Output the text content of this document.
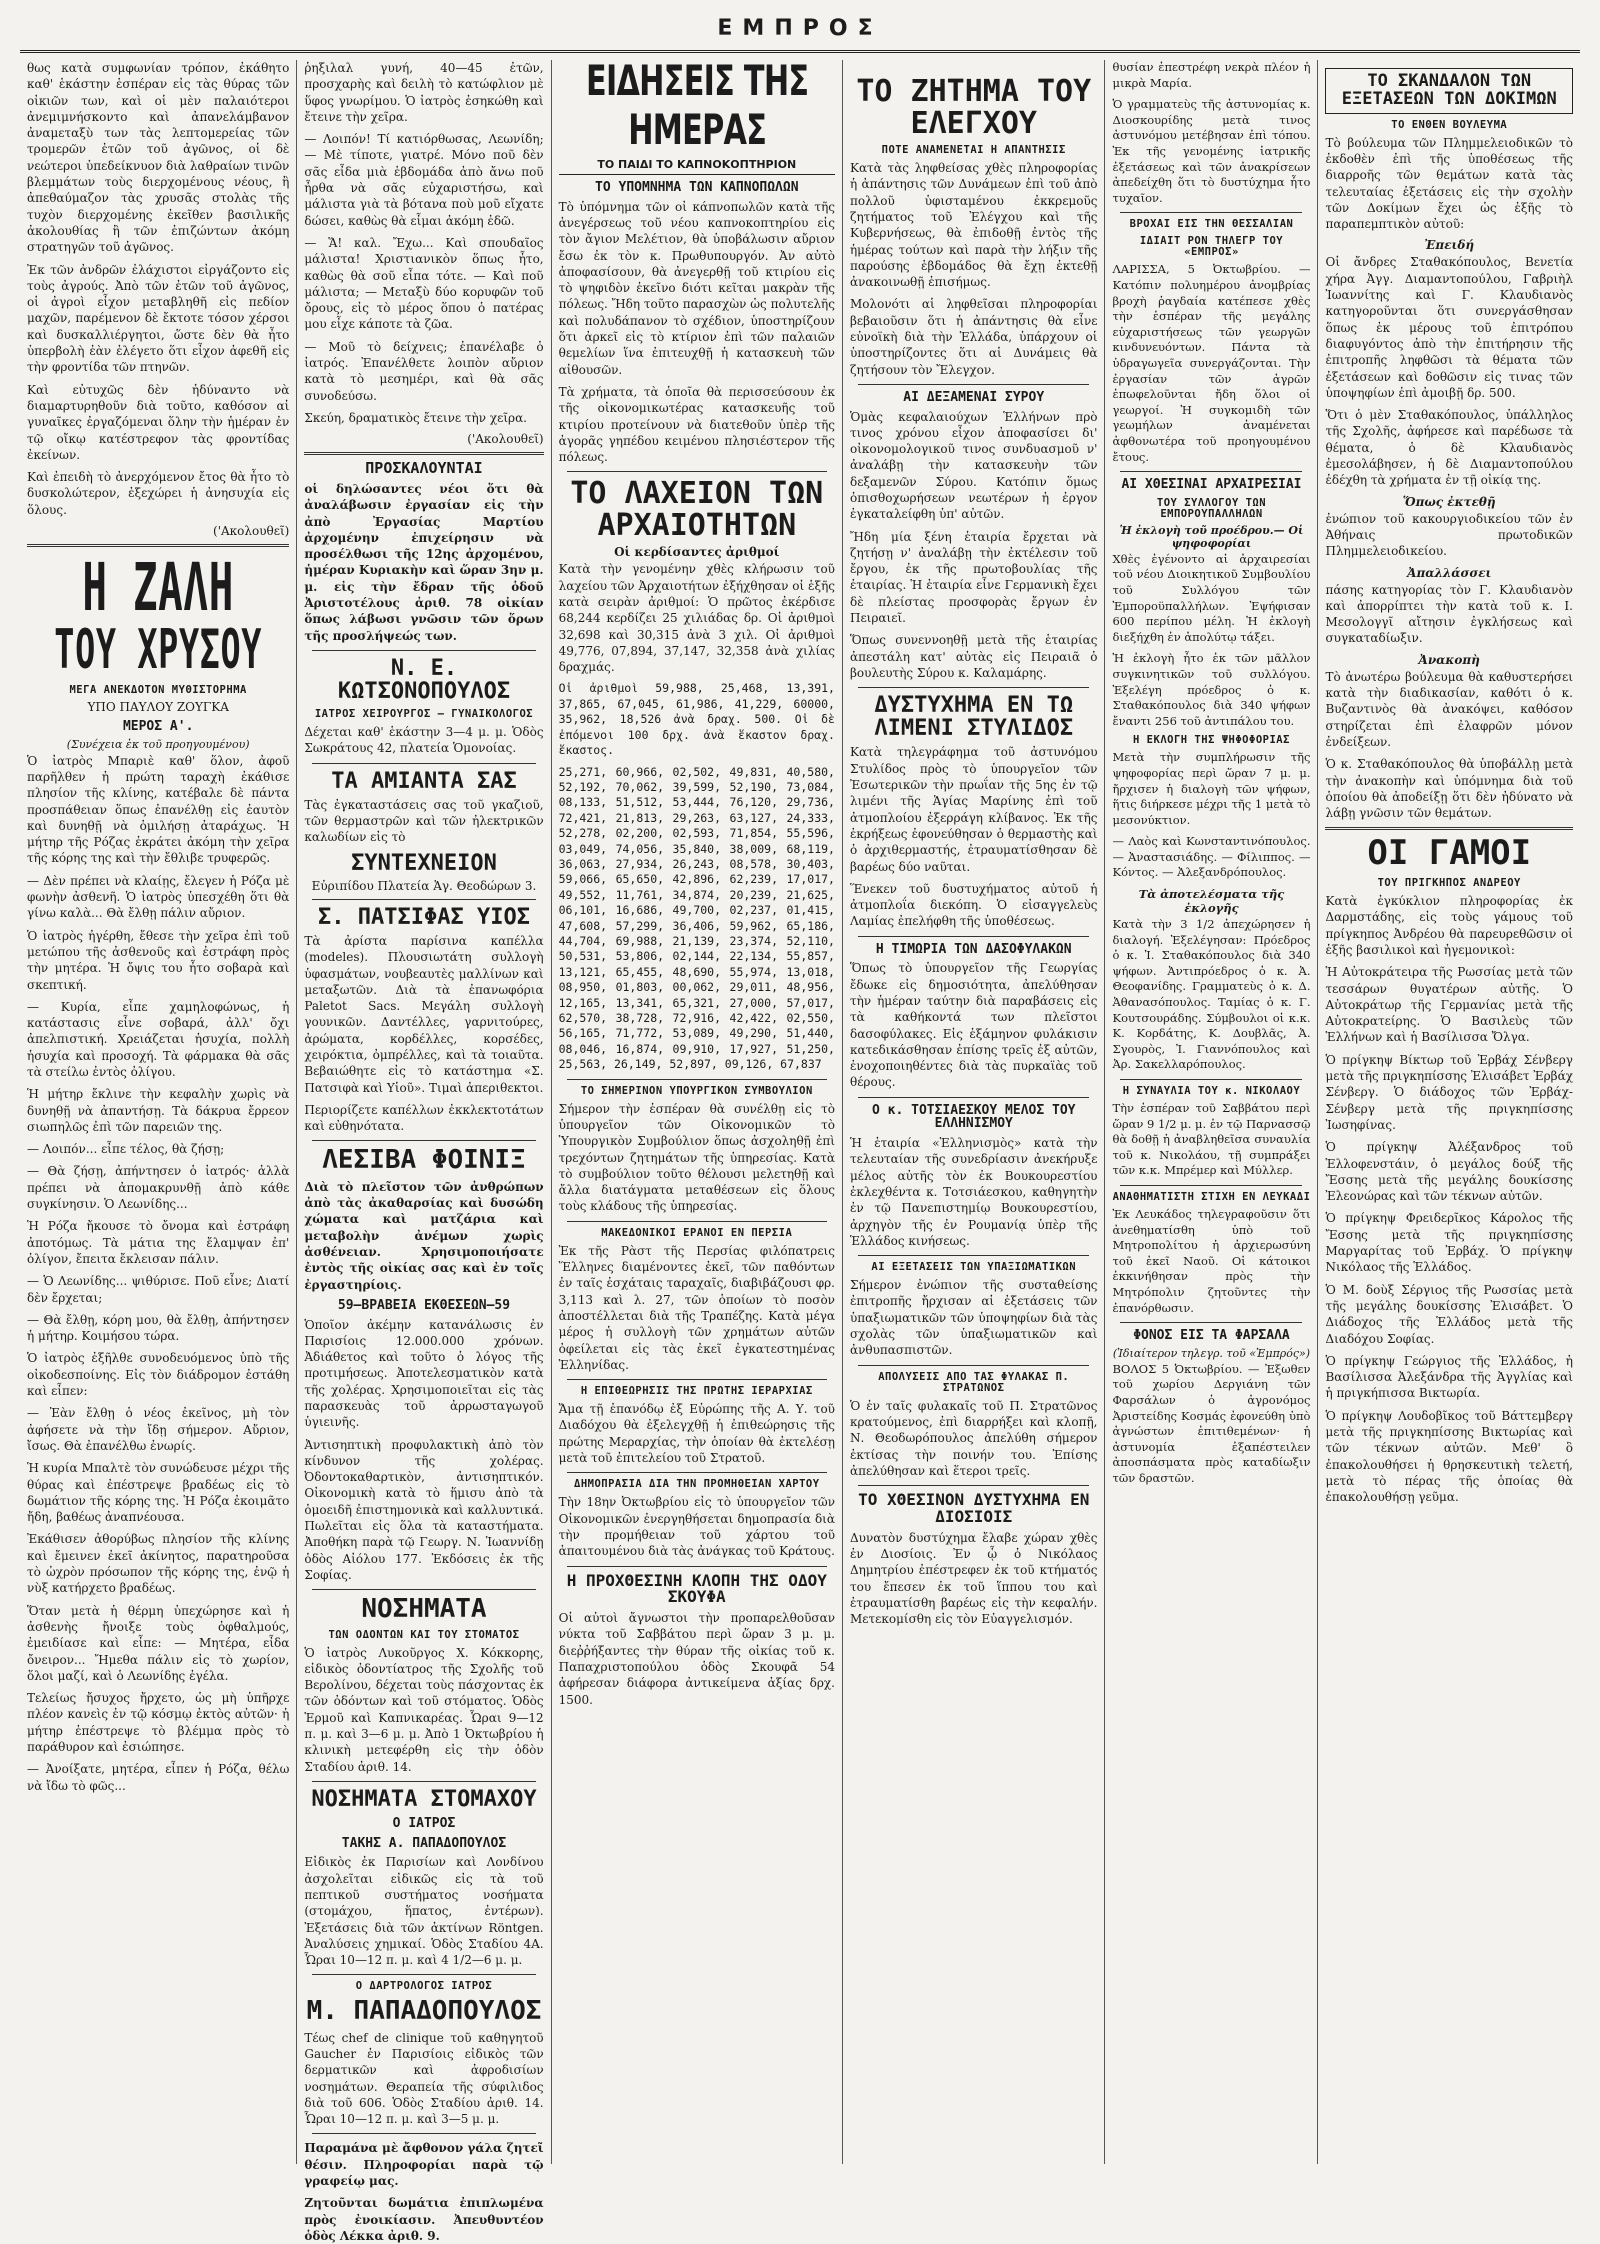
ΕΜΠΡΟΣ

θως κατὰ συμφωνίαν τρόπον, ἐκάθητο καθ' ἑκάστην ἑσπέραν εἰς τὰς θύρας τῶν οἰκιῶν των, καὶ οἱ μὲν παλαιότεροι ἀνεμιμνήσκοντο καὶ ἀπανελάμβανον ἀναμεταξὺ των τὰς λεπτομερείας τῶν τρομερῶν ἐτῶν τοῦ ἀγῶνος, οἱ δὲ νεώτεροι ὑπεδείκνυον διὰ λαθραίων τινῶν βλεμμάτων τοὺς διερχομένους νέους, ἢ ἀπεθαύμαζον τὰς χρυσᾶς στολὰς τῆς τυχὸν διερχομένης ἐκεῖθεν βασιλικῆς ἀκολουθίας ἢ τῶν ἐπιζώντων ἀκόμη στρατηγῶν τοῦ ἀγῶνος.

Ἐκ τῶν ἀνδρῶν ἐλάχιστοι εἰργάζοντο εἰς τοὺς ἀγρούς. Ἀπὸ τῶν ἐτῶν τοῦ ἀγῶνος, οἱ ἀγροὶ εἶχον μεταβληθῆ εἰς πεδίον μαχῶν, παρέμενον δὲ ἔκτοτε τόσον χέρσοι καὶ δυσκαλλιέργητοι, ὥστε δὲν θὰ ἦτο ὑπερβολὴ ἐὰν ἐλέγετο ὅτι εἶχον ἀφεθῆ εἰς τὴν φροντίδα τῶν πτηνῶν.

Καὶ εὐτυχῶς δὲν ἠδύναντο νὰ διαμαρτυρηθοῦν διὰ τοῦτο, καθόσον αἱ γυναῖκες ἐργαζόμεναι ὅλην τὴν ἡμέραν ἐν τῷ οἴκῳ κατέστρεφον τὰς φροντίδας ἐκείνων.

Καὶ ἐπειδὴ τὸ ἀνερχόμενον ἔτος θὰ ἦτο τὸ δυσκολώτερον, ἐξεχώρει ἡ ἀνησυχία εἰς ὅλους.

('Ακολουθεῖ)
Η ΖΑΛΗ
ΤΟΥ ΧΡΥΣΟΥ
ΜΕΓΑ ΑΝΕΚΔΟΤΟΝ ΜΥΘΙΣΤΟΡΗΜΑ
ΥΠΟ ΠΑΥΛΟΥ ΖΟΥΓΚΑ
ΜΕΡΟΣ Α'.
(Συνέχεια ἐκ τοῦ προηγουμένου)

Ὁ ἰατρὸς Μπαριὲ καθ' ὅλον, ἀφοῦ παρῆλθεν ἡ πρώτη ταραχὴ ἐκάθισε πλησίον τῆς κλίνης, κατέβαλε δὲ πάντα προσπάθειαν ὅπως ἐπανέλθῃ εἰς ἑαυτὸν καὶ δυνηθῇ νὰ ὁμιλήσῃ ἀταράχως. Ἡ μήτηρ τῆς Ρόζας ἐκράτει ἀκόμη τὴν χεῖρα τῆς κόρης της καὶ τὴν ἔθλιβε τρυφερῶς.

— Δὲν πρέπει νὰ κλαίῃς, ἔλεγεν ἡ Ρόζα μὲ φωνὴν ἀσθενῆ. Ὁ ἰατρὸς ὑπεσχέθη ὅτι θὰ γίνω καλὰ... Θὰ ἔλθῃ πάλιν αὔριον.

Ὁ ἰατρὸς ἠγέρθη, ἔθεσε τὴν χεῖρα ἐπὶ τοῦ μετώπου τῆς ἀσθενοῦς καὶ ἐστράφη πρὸς τὴν μητέρα. Ἡ ὄψις του ἦτο σοβαρὰ καὶ σκεπτική.

— Κυρία, εἶπε χαμηλοφώνως, ἡ κατάστασις εἶνε σοβαρά, ἀλλ' ὄχι ἀπελπιστική. Χρειάζεται ἡσυχία, πολλὴ ἡσυχία καὶ προσοχή. Τὰ φάρμακα θὰ σᾶς τὰ στείλω ἐντὸς ὀλίγου.

Ἡ μήτηρ ἔκλινε τὴν κεφαλὴν χωρὶς νὰ δυνηθῇ νὰ ἀπαντήσῃ. Τὰ δάκρυα ἔρρεον σιωπηλῶς ἐπὶ τῶν παρειῶν της.

— Λοιπόν... εἶπε τέλος, θὰ ζήσῃ;

— Θὰ ζήσῃ, ἀπήντησεν ὁ ἰατρός· ἀλλὰ πρέπει νὰ ἀπομακρυνθῇ ἀπὸ κάθε συγκίνησιν. Ὁ Λεωνίδης...

Ἡ Ρόζα ἤκουσε τὸ ὄνομα καὶ ἐστράφη ἀποτόμως. Τὰ μάτια της ἔλαμψαν ἐπ' ὀλίγον, ἔπειτα ἔκλεισαν πάλιν.

— Ὁ Λεωνίδης... ψιθύρισε. Ποῦ εἶνε; Διατί δὲν ἔρχεται;

— Θὰ ἔλθῃ, κόρη μου, θὰ ἔλθῃ, ἀπήντησεν ἡ μήτηρ. Κοιμήσου τώρα.

Ὁ ἰατρὸς ἐξῆλθε συνοδευόμενος ὑπὸ τῆς οἰκοδεσποίνης. Εἰς τὸν διάδρομον ἐστάθη καὶ εἶπεν:

— Ἐὰν ἔλθῃ ὁ νέος ἐκεῖνος, μὴ τὸν ἀφήσετε νὰ τὴν ἴδῃ σήμερον. Αὔριον, ἴσως. Θὰ ἐπανέλθω ἐνωρίς.

Ἡ κυρία Μπαλτὲ τὸν συνώδευσε μέχρι τῆς θύρας καὶ ἐπέστρεψε βραδέως εἰς τὸ δωμάτιον τῆς κόρης της. Ἡ Ρόζα ἐκοιμᾶτο ἤδη, βαθέως ἀναπνέουσα.

Ἐκάθισεν ἀθορύβως πλησίον τῆς κλίνης καὶ ἔμεινεν ἐκεῖ ἀκίνητος, παρατηροῦσα τὸ ὠχρὸν πρόσωπον τῆς κόρης της, ἐνῷ ἡ νὺξ κατήρχετο βραδέως.

Ὅταν μετὰ ἡ θέρμη ὑπεχώρησε καὶ ἡ ἀσθενὴς ἤνοιξε τοὺς ὀφθαλμούς, ἐμειδίασε καὶ εἶπε: — Μητέρα, εἶδα ὄνειρον... Ἤμεθα πάλιν εἰς τὸ χωρίον, ὅλοι μαζί, καὶ ὁ Λεωνίδης ἐγέλα.

Τελείως ἤσυχος ἤρχετο, ὡς μὴ ὑπῆρχε πλέον κανεὶς ἐν τῷ κόσμῳ ἐκτὸς αὐτῶν· ἡ μήτηρ ἐπέστρεψε τὸ βλέμμα πρὸς τὸ παράθυρον καὶ ἐσιώπησε.

— Ἀνοίξατε, μητέρα, εἶπεν ἡ Ρόζα, θέλω νὰ ἴδω τὸ φῶς...

ῥηξιλαλ γυνή, 40—45 ἐτῶν, προσχαρὴς καὶ δειλὴ τὸ κατώφλιον μὲ ὕφος γνωρίμου. Ὁ ἰατρὸς ἐσηκώθη καὶ ἔτεινε τὴν χεῖρα.

— Λοιπόν! Τί κατιόρθωσας, Λεωνίδη; — Μὲ τίποτε, γιατρέ. Μόνο ποῦ δὲν σᾶς εἶδα μιὰ ἑβδομάδα ἀπὸ ἄνω ποῦ ἦρθα νὰ σᾶς εὐχαριστήσω, καὶ μάλιστα γιὰ τὰ βότανα ποὺ μοῦ εἴχατε δώσει, καθὼς θὰ εἶμαι ἀκόμη ἐδῶ.

— Ἅ! καλ. Ἔχω... Καὶ σπουδαῖος μάλιστα! Χριστιανικὸν ὅπως ἦτο, καθὼς θὰ σοῦ εἶπα τότε. — Καὶ ποῦ μάλιστα; — Μεταξὺ δύο κορυφῶν τοῦ ὄρους, εἰς τὸ μέρος ὅπου ὁ πατέρας μου εἶχε κάποτε τὰ ζῶα.

— Μοῦ τὸ δείχνεις; ἐπανέλαβε ὁ ἰατρός. Ἐπανέλθετε λοιπὸν αὔριον κατὰ τὸ μεσημέρι, καὶ θὰ σᾶς συνοδεύσω.

Σκεύη, δραματικὸς ἔτεινε τὴν χεῖρα.

('Ακολουθεῖ)
ΠΡΟΣΚΑΛΟΥΝΤΑΙ

οἱ δηλώσαντες νέοι ὅτι θὰ ἀναλάβωσιν ἐργασίαν εἰς τὴν ἀπὸ Ἐργασίας Μαρτίου ἀρχομένην ἐπιχείρησιν νὰ προσέλθωσι τῆς 12ης ἀρχομένου, ἡμέραν Κυριακὴν καὶ ὥραν 3ην μ. μ. εἰς τὴν ἔδραν τῆς ὁδοῦ Ἀριστοτέλους ἀριθ. 78 οἰκίαν ὅπως λάβωσι γνῶσιν τῶν ὅρων τῆς προσλήψεώς των.

Ν. Ε. ΚΩΤΣΟΝΟΠΟΥΛΟΣ
ΙΑΤΡΟΣ ΧΕΙΡΟΥΡΓΟΣ — ΓΥΝΑΙΚΟΛΟΓΟΣ

Δέχεται καθ' ἑκάστην 3—4 μ. μ. Ὁδὸς Σωκράτους 42, πλατεία Ὁμονοίας.

ΤΑ ΑΜΙΑΝΤΑ ΣΑΣ

Τὰς ἐγκαταστάσεις σας τοῦ γκαζιοῦ, τῶν θερμαστρῶν καὶ τῶν ἠλεκτρικῶν καλωδίων εἰς τὸ

ΣΥΝΤΕΧΝΕΙΟΝ
Εὐριπίδου Πλατεία Ἁγ. Θεοδώρων 3.
Σ. ΠΑΤΣΙΦΑΣ ΥΙΟΣ

Τὰ ἀρίστα παρίσινα καπέλλα (modeles). Πλουσιωτάτη συλλογὴ ὑφασμάτων, νουβεαυτὲς μαλλίνων καὶ μεταξωτῶν. Διὰ τὰ ἐπανωφόρια Paletot Sacs. Μεγάλη συλλογὴ γουνικῶν. Δαντέλλες, γαρνιτούρες, ἀρώματα, κορδέλλες, κορσέδες, χειρόκτια, ὀμπρέλλες, καὶ τὰ τοιαῦτα. Βεβαιώθητε εἰς τὸ κατάστημα «Σ. Πατσιφὰ καὶ Υἱοῦ». Τιμαὶ ἀπεριθεκτοι.

Περιορίζετε καπέλλων ἐκκλεκτοτάτων καὶ εὐθηνότατα.

ΛΕΣΙΒΑ ΦΟΙΝΙΞ

Διὰ τὸ πλεῖστον τῶν ἀνθρώπων ἀπὸ τὰς ἀκαθαρσίας καὶ δυσώδη χώματα καὶ ματζάρια καὶ μεταβολὴν ἀνέμων χωρὶς ἀσθένειαν. Χρησιμοποιήσατε ἐντὸς τῆς οἰκίας σας καὶ ἐν τοῖς ἐργαστηρίοις.

59—ΒΡΑΒΕΙΑ ΕΚΘΕΣΕΩΝ—59

Ὁποῖον ἀκέμην κατανάλωσις ἐν Παρισίοις 12.000.000 χρόνων. Ἀδιάθετος καὶ τοῦτο ὁ λόγος τῆς προτιμήσεως. Ἀποτελεσματικὸν κατὰ τῆς χολέρας. Χρησιμοποιεῖται εἰς τὰς παρασκευὰς τοῦ ἀρρωσταγωγοῦ ὑγιεινῆς.

Ἀντισηπτικὴ προφυλακτικὴ ἀπὸ τὸν κίνδυνον τῆς χολέρας. Ὀδοντοκαθαρτικὸν, ἀντισηπτικόν. Οἰκονομικὴ κατὰ τὸ ἥμισυ ἀπὸ τὰ ὁμοειδῆ ἐπιστημονικὰ καὶ καλλυντικά. Πωλεῖται εἰς ὅλα τὰ καταστήματα. Ἀποθήκη παρὰ τῷ Γεωργ. Ν. Ἰωαννίδῃ ὁδὸς Αἰόλου 177. Ἐκδόσεις ἐκ τῆς Σοφίας.

ΝΟΣΗΜΑΤΑ
ΤΩΝ ΟΔΟΝΤΩΝ ΚΑΙ ΤΟΥ ΣΤΟΜΑΤΟΣ

Ὁ ἰατρὸς Λυκοῦργος Χ. Κόκκορης, εἰδικὸς ὀδοντίατρος τῆς Σχολῆς τοῦ Βερολίνου, δέχεται τοὺς πάσχοντας ἐκ τῶν ὀδόντων καὶ τοῦ στόματος. Ὁδὸς Ἑρμοῦ καὶ Καπνικαρέας. Ὧραι 9—12 π. μ. καὶ 3—6 μ. μ. Ἀπὸ 1 Ὀκτωβρίου ἡ κλινικὴ μετεφέρθη εἰς τὴν ὁδὸν Σταδίου ἀριθ. 14.

ΝΟΣΗΜΑΤΑ ΣΤΟΜΑΧΟΥ
Ο ΙΑΤΡΟΣ
ΤΑΚΗΣ Α. ΠΑΠΑΔΟΠΟΥΛΟΣ

Εἰδικὸς ἐκ Παρισίων καὶ Λονδίνου ἀσχολεῖται εἰδικῶς εἰς τὰ τοῦ πεπτικοῦ συστήματος νοσήματα (στομάχου, ἥπατος, ἐντέρων). Ἐξετάσεις διὰ τῶν ἀκτίνων Röntgen. Ἀναλύσεις χημικαί. Ὁδὸς Σταδίου 4Α. Ὧραι 10—12 π. μ. καὶ 4 1/2—6 μ. μ.

Ο ΔΑΡΤΡΟΛΟΓΟΣ ΙΑΤΡΟΣ
Μ. ΠΑΠΑΔΟΠΟΥΛΟΣ

Τέως chef de clinique τοῦ καθηγητοῦ Gaucher ἐν Παρισίοις εἰδικὸς τῶν δερματικῶν καὶ ἀφροδισίων νοσημάτων. Θεραπεία τῆς σύφιλιδος διὰ τοῦ 606. Ὁδὸς Σταδίου ἀριθ. 14. Ὧραι 10—12 π. μ. καὶ 3—5 μ. μ.

Παραμάνα μὲ ἄφθονον γάλα ζητεῖ θέσιν. Πληροφορίαι παρὰ τῷ γραφείῳ μας.

Ζητοῦνται δωμάτια ἐπιπλωμένα πρὸς ἐνοικίασιν. Ἀπευθυντέον ὁδὸς Λέκκα ἀριθ. 9.

ΕΙΔΗΣΕΙΣ ΤΗΣ ΗΜΕΡΑΣ
ΤΟ ΠΑΙΔΙ ΤΟ ΚΑΠΝΟΚΟΠΤΗΡΙΟΝ
ΤΟ ΥΠΟΜΝΗΜΑ ΤΩΝ ΚΑΠΝΟΠΩΛΩΝ

Τὸ ὑπόμνημα τῶν οἰ κάπνοπωλῶν κατὰ τῆς ἀνεγέρσεως τοῦ νέου καπνοκοπτηρίου εἰς τὸν ἄγιον Μελέτιον, θὰ ὑποβάλωσιν αὔριον ἔσω ἐκ τὸν κ. Πρωθυπουργόν. Ἀν αὐτὸ ἀποφασίσουν, θὰ ἀνεγερθῇ τοῦ κτιρίου εἰς τὸ ψηφιδὸν ἐκεῖνο διότι κεῖται μακρὰν τῆς πόλεως. Ἤδη τοῦτο παρασχὼν ὡς πολυτελῆς καὶ πολυδάπανον τὸ σχέδιον, ὑποστηρίζουν ὅτι ἀρκεῖ εἰς τὸ κτίριον ἐπὶ τῶν παλαιῶν θεμελίων ἵνα ἐπιτευχθῇ ἡ κατασκευὴ τῶν αἰθουσῶν.

Τὰ χρήματα, τὰ ὁποῖα θὰ περισσεύσουν ἐκ τῆς οἰκονομικωτέρας κατασκευῆς τοῦ κτιρίου προτείνουν νὰ διατεθοῦν ὑπὲρ τῆς ἀγορᾶς γηπέδου κειμένου πλησιέστερον τῆς πόλεως.

ΤΟ ΛΑΧΕΙΟΝ ΤΩΝ ΑΡΧΑΙΟΤΗΤΩΝ
Οἱ κερδίσαντες ἀριθμοί

Κατὰ τὴν γενομένην χθὲς κλήρωσιν τοῦ λαχείου τῶν Ἀρχαιοτήτων ἐξήχθησαν οἱ ἑξῆς κατὰ σειρὰν ἀριθμοί: Ὁ πρῶτος ἐκέρδισε 68,244 κερδίζει 25 χιλιάδας δρ. Οἱ ἀριθμοὶ 32,698 καὶ 30,315 ἀνὰ 3 χιλ. Οἱ ἀριθμοὶ 49,776, 07,894, 37,147, 32,358 ἀνὰ χιλίας δραχμάς.

Οἱ ἀριθμοὶ 59,988, 25,468, 13,391, 37,865, 67,045, 61,986, 41,229, 60000, 35,962, 18,526 ἀνὰ δραχ. 500. Οἱ δὲ ἐπόμενοι 100 δρχ. ἀνὰ ἕκαστον δραχ. ἕκαστος.

25,271, 60,966, 02,502, 49,831, 40,580, 52,192, 70,062, 39,599, 52,190, 73,084, 08,133, 51,512, 53,444, 76,120, 29,736, 72,421, 21,813, 29,263, 63,127, 24,333, 52,278, 02,200, 02,593, 71,854, 55,596, 03,049, 74,056, 35,840, 38,009, 68,119, 36,063, 27,934, 26,243, 08,578, 30,403, 59,066, 65,650, 42,896, 62,239, 17,017, 49,552, 11,761, 34,874, 20,239, 21,625, 06,101, 16,686, 49,700, 02,237, 01,415, 47,608, 57,299, 36,406, 59,962, 65,186, 44,704, 69,988, 21,139, 23,374, 52,110, 50,531, 53,806, 02,144, 22,134, 55,857, 13,121, 65,455, 48,690, 55,974, 13,018, 08,950, 01,803, 00,062, 29,011, 48,956, 12,165, 13,341, 65,321, 27,000, 57,017, 62,570, 38,728, 72,916, 42,422, 02,550, 56,165, 71,772, 53,089, 49,290, 51,440, 08,046, 16,874, 09,910, 17,927, 51,250, 25,563, 26,149, 52,897, 09,126, 67,837

ΤΟ ΣΗΜΕΡΙΝΟΝ ΥΠΟΥΡΓΙΚΟΝ ΣΥΜΒΟΥΛΙΟΝ

Σήμερον τὴν ἑσπέραν θὰ συνέλθῃ εἰς τὸ ὑπουργεῖον τῶν Οἰκονομικῶν τὸ Ὑπουργικὸν Συμβούλιον ὅπως ἀσχοληθῇ ἐπὶ τρεχόντων ζητημάτων τῆς ὑπηρεσίας. Κατὰ τὸ συμβούλιον τοῦτο θέλουσι μελετηθῇ καὶ ἄλλα διατάγματα μεταθέσεων εἰς ὅλους τοὺς κλάδους τῆς ὑπηρεσίας.

ΜΑΚΕΔΟΝΙΚΟΙ ΕΡΑΝΟΙ ΕΝ ΠΕΡΣΙΑ

Ἐκ τῆς Ρὰστ τῆς Περσίας φιλόπατρεις Ἕλληνες διαμένοντες ἐκεῖ, τῶν παθόντων ἐν ταῖς ἐσχάταις ταραχαῖς, διαβιβάζουσι φρ. 3,113 καὶ λ. 27, τῶν ὁποίων τὸ ποσὸν ἀποστέλλεται διὰ τῆς Τραπέζης. Κατὰ μέγα μέρος ἡ συλλογὴ τῶν χρημάτων αὐτῶν ὀφείλεται εἰς τὰς ἐκεῖ ἐγκατεστημένας Ἑλληνίδας.

Η ΕΠΙΘΕΩΡΗΣΙΣ ΤΗΣ ΠΡΩΤΗΣ ΙΕΡΑΡΧΙΑΣ

Ἄμα τῇ ἐπανόδῳ ἐξ Εὐρώπης τῆς Α. Υ. τοῦ Διαδόχου θὰ ἐξελεγχθῇ ἡ ἐπιθεώρησις τῆς πρώτης Μεραρχίας, τὴν ὁποίαν θὰ ἐκτελέσῃ μετὰ τοῦ ἐπιτελείου τοῦ Στρατοῦ.

ΔΗΜΟΠΡΑΣΙΑ ΔΙΑ ΤΗΝ ΠΡΟΜΗΘΕΙΑΝ ΧΑΡΤΟΥ

Τὴν 18ην Ὀκτωβρίου εἰς τὸ ὑπουργεῖον τῶν Οἰκονομικῶν ἐνεργηθήσεται δημοπρασία διὰ τὴν προμήθειαν τοῦ χάρτου τοῦ ἀπαιτουμένου διὰ τὰς ἀνάγκας τοῦ Κράτους.

Η ΠΡΟΧΘΕΣΙΝΗ ΚΛΟΠΗ ΤΗΣ ΟΔΟΥ ΣΚΟΥΦΑ

Οἱ αὐτοὶ ἄγνωστοι τὴν προπαρελθοῦσαν νύκτα τοῦ Σαββάτου περὶ ὥραν 3 μ. μ. διεῤῥήξαντες τὴν θύραν τῆς οἰκίας τοῦ κ. Παπαχριστοπούλου ὁδὸς Σκουφᾶ 54 ἀφήρεσαν διάφορα ἀντικείμενα ἀξίας δρχ. 1500.

ΤΟ ΖΗΤΗΜΑ ΤΟΥ ΕΛΕΓΧΟΥ
ΠΟΤΕ ΑΝΑΜΕΝΕΤΑΙ Η ΑΠΑΝΤΗΣΙΣ

Κατὰ τὰς ληφθείσας χθὲς πληροφορίας ἡ ἀπάντησις τῶν Δυνάμεων ἐπὶ τοῦ ἀπὸ πολλοῦ ὑφισταμένου ἐκκρεμοῦς ζητήματος τοῦ Ἐλέγχου καὶ τῆς Κυβερνήσεως, θὰ ἐπιδοθῇ ἐντὸς τῆς ἡμέρας τούτων καὶ παρὰ τὴν λήξιν τῆς παρούσης ἑβδομάδος θὰ ἔχῃ ἐκτεθῇ ἀνακοινωθῇ ἐπισήμως.

Μολονότι αἱ ληφθεῖσαι πληροφορίαι βεβαιοῦσιν ὅτι ἡ ἀπάντησις θὰ εἶνε εὐνοϊκὴ διὰ τὴν Ἑλλάδα, ὑπάρχουν οἱ ὑποστηρίζοντες ὅτι αἱ Δυνάμεις θὰ ζητήσουν τὸν Ἔλεγχον.

ΑΙ ΔΕΞΑΜΕΝΑΙ ΣΥΡΟΥ

Ὁμὰς κεφαλαιούχων Ἑλλήνων πρὸ τινος χρόνου εἶχον ἀποφασίσει δι' οἰκονομολογικοῦ τινος συνδυασμοῦ ν' ἀναλάβῃ τὴν κατασκευὴν τῶν δεξαμενῶν Σύρου. Κατόπιν ὅμως ὁπισθοχωρήσεων νεωτέρων ἡ ἐργον ἐγκαταλείφθη ὑπ' αὐτῶν.

Ἤδη μία ξένη ἑταιρία ἔρχεται νὰ ζητήσῃ ν' ἀναλάβῃ τὴν ἐκτέλεσιν τοῦ ἔργου, ἐκ τῆς πρωτοβουλίας τῆς ἐταιρίας. Ἡ ἑταιρία εἶνε Γερμανικὴ ἔχει δὲ πλείστας προσφορὰς ἔργων ἐν Πειραιεῖ.

Ὅπως συνεννοηθῇ μετὰ τῆς ἑταιρίας ἀπεστάλη κατ' αὐτὰς εἰς Πειραιᾶ ὁ βουλευτὴς Σύρου κ. Καλαμάρης.

ΔΥΣΤΥΧΗΜΑ ΕΝ ΤΩ ΛΙΜΕΝΙ ΣΤΥΛΙΔΟΣ

Κατὰ τηλεγράφημα τοῦ ἀστυνόμου Στυλίδος πρὸς τὸ ὑπουργεῖον τῶν Ἐσωτερικῶν τὴν πρωΐαν τῆς 5ης ἐν τῷ λιμένι τῆς Ἁγίας Μαρίνης ἐπὶ τοῦ ἀτμοπλοίου ἐξερράγη κλίβανος. Ἐκ τῆς ἐκρήξεως ἐφονεύθησαν ὁ θερμαστὴς καὶ ὁ ἀρχιθερμαστής, ἐτραυματίσθησαν δὲ βαρέως δύο ναῦται.

Ἕνεκεν τοῦ δυστυχήματος αὐτοῦ ἡ ἀτμοπλοΐα διεκόπη. Ὁ εἰσαγγελεὺς Λαμίας ἐπελήφθη τῆς ὑποθέσεως.

Η ΤΙΜΩΡΙΑ ΤΩΝ ΔΑΣΟΦΥΛΑΚΩΝ

Ὅπως τὸ ὑπουργεῖον τῆς Γεωργίας ἔδωκε εἰς δημοσιότητα, ἀπελύθησαν τὴν ἡμέραν ταύτην διὰ παραβάσεις εἰς τὰ καθήκοντά των πλεῖστοι δασοφύλακες. Εἰς ἑξάμηνον φυλάκισιν κατεδικάσθησαν ἐπίσης τρεῖς ἐξ αὐτῶν, ἐνοχοποιηθέντες διὰ τὰς πυρκαϊὰς τοῦ θέρους.

Ο κ. ΤΟΤΣΙΑΕΣΚΟΥ ΜΕΛΟΣ ΤΟΥ ΕΛΛΗΝΙΣΜΟΥ

Ἡ ἑταιρία «Ἑλληνισμὸς» κατὰ τὴν τελευταίαν τῆς συνεδρίασιν ἀνεκήρυξε μέλος αὐτῆς τὸν ἐκ Βουκουρεστίου ἐκλεχθέντα κ. Τοτσιάεσκου, καθηγητὴν ἐν τῷ Πανεπιστημίῳ Βουκουρεστίου, ἀρχηγὸν τῆς ἐν Ρουμανίᾳ ὑπὲρ τῆς Ἑλλάδος κινήσεως.

ΑΙ ΕΞΕΤΑΣΕΙΣ ΤΩΝ ΥΠΑΞΙΩΜΑΤΙΚΩΝ

Σήμερον ἐνώπιον τῆς συσταθείσης ἐπιτροπῆς ἤρχισαν αἱ ἐξετάσεις τῶν ὑπαξιωματικῶν τῶν ὑποψηφίων διὰ τὰς σχολὰς τῶν ὑπαξιωματικῶν καὶ ἀνθυπασπιστῶν.

ΑΠΟΛΥΣΕΙΣ ΑΠΟ ΤΑΣ ΦΥΛΑΚΑΣ Π. ΣΤΡΑΤΩΝΟΣ

Ὁ ἐν ταῖς φυλακαῖς τοῦ Π. Στρατῶνος κρατούμενος, ἐπὶ διαρρήξει καὶ κλοπῇ, Ν. Θεοδωρόπουλος ἀπελύθη σήμερον ἐκτίσας τὴν ποινήν του. Ἐπίσης ἀπελύθησαν καὶ ἕτεροι τρεῖς.

ΤΟ ΧΘΕΣΙΝΟΝ ΔΥΣΤΥΧΗΜΑ ΕΝ ΔΙΟΣΙΟΙΣ

Δυνατὸν δυστύχημα ἔλαβε χώραν χθὲς ἐν Διοσίοις. Ἐν ᾧ ὁ Νικόλαος Δημητρίου ἐπέστρεφεν ἐκ τοῦ κτήματός του ἔπεσεν ἐκ τοῦ ἵππου του καὶ ἐτραυματίσθη βαρέως εἰς τὴν κεφαλήν. Μετεκομίσθη εἰς τὸν Εὐαγγελισμόν.

θυσίαν ἐπεστρέφη νεκρὰ πλέον ἡ μικρὰ Μαρία.

Ὁ γραμματεὺς τῆς ἀστυνομίας κ. Διοσκουρίδης μετὰ τινος ἀστυνόμου μετέβησαν ἐπὶ τόπου. Ἐκ τῆς γενομένης ἰατρικῆς ἐξετάσεως καὶ τῶν ἀνακρίσεων ἀπεδείχθη ὅτι τὸ δυστύχημα ἦτο τυχαῖον.

ΒΡΟΧΑΙ ΕΙΣ ΤΗΝ ΘΕΣΣΑΛΙΑΝ
ΙΔΙΑΙΤ ΡΟΝ ΤΗΛΕΓΡ ΤΟΥ «ΕΜΠΡΟΣ»

ΛΑΡΙΣΣΑ, 5 Ὀκτωβρίου. — Κατόπιν πολυημέρου ἀνομβρίας βροχὴ ῥαγδαία κατέπεσε χθὲς τὴν ἑσπέραν τῆς μεγάλης εὐχαριστήσεως τῶν γεωργῶν κινδυνευόντων. Πάντα τὰ ὑδραγωγεῖα συνεργάζονται. Τὴν ἐργασίαν τῶν ἀγρῶν ἐπωφελοῦνται ἤδη ὅλοι οἱ γεωργοί. Ἡ συγκομιδὴ τῶν γεωμήλων ἀναμένεται ἀφθονωτέρα τοῦ προηγουμένου ἔτους.

ΑΙ ΧΘΕΣΙΝΑΙ ΑΡΧΑΙΡΕΣΙΑΙ
ΤΟΥ ΣΥΛΛΟΓΟΥ ΤΩΝ ΕΜΠΟΡΟΥΠΑΛΛΗΛΩΝ
Ἡ ἐκλογὴ τοῦ προέδρου.— Οἱ ψηφοφορίαι

Χθὲς ἐγένοντο αἱ ἀρχαιρεσίαι τοῦ νέου Διοικητικοῦ Συμβουλίου τοῦ Συλλόγου τῶν Ἐμποροϋπαλλήλων. Ἐψήφισαν 600 περίπου μέλη. Ἡ ἐκλογὴ διεξήχθη ἐν ἀπολύτῳ τάξει.

Ἡ ἐκλογὴ ἦτο ἐκ τῶν μᾶλλον συγκινητικῶν τοῦ συλλόγου. Ἐξελέγη πρόεδρος ὁ κ. Σταθακόπουλος διὰ 340 ψήφων ἔναντι 256 τοῦ ἀντιπάλου του.

Η ΕΚΛΟΓΗ ΤΗΣ ΨΗΦΟΦΟΡΙΑΣ

Μετὰ τὴν συμπλήρωσιν τῆς ψηφοφορίας περὶ ὥραν 7 μ. μ. ἤρχισεν ἡ διαλογὴ τῶν ψήφων, ἥτις διήρκεσε μέχρι τῆς 1 μετὰ τὸ μεσονύκτιον.

— Λαὸς καὶ Κωνσταντινόπουλος. — Ἀναστασιάδης. — Φίλιππος. — Κόντος. — Ἀλεξανδρόπουλος.

Τὰ ἀποτελέσματα τῆς ἐκλογῆς

Κατὰ τὴν 3 1/2 ἀπεχώρησεν ἡ διαλογή. Ἐξελέγησαν: Πρόεδρος ὁ κ. Ἰ. Σταθακόπουλος διὰ 340 ψήφων. Ἀντιπρόεδρος ὁ κ. Ἀ. Θεοφανίδης. Γραμματεὺς ὁ κ. Δ. Ἀθανασόπουλος. Ταμίας ὁ κ. Γ. Κουτσουράδης. Σύμβουλοι οἱ κ.κ. Κ. Κορδάτης, Κ. Δουβλᾶς, Ἀ. Σγουρὸς, Ἰ. Γιαννόπουλος καὶ Ἀρ. Σακελλαρόπουλος.

Η ΣΥΝΑΥΛΙΑ ΤΟΥ κ. ΝΙΚΟΛΑΟΥ

Τὴν ἑσπέραν τοῦ Σαββάτου περὶ ὥραν 9 1/2 μ. μ. ἐν τῷ Παρνασσῷ θὰ δοθῇ ἡ ἀναβληθεῖσα συναυλία τοῦ κ. Νικολάου, τῇ συμπράξει τῶν κ.κ. Μπρέμερ καὶ Μύλλερ.

ΑΝΑΘΗΜΑΤΙΣΤΗ ΣΤΙΧΗ ΕΝ ΛΕΥΚΑΔΙ

Ἐκ Λευκάδος τηλεγραφοῦσιν ὅτι ἀνεθηματίσθη ὑπὸ τοῦ Μητροπολίτου ἡ ἀρχιερωσύνη τοῦ ἐκεῖ Ναοῦ. Οἱ κάτοικοι ἐκκινήθησαν πρὸς τὴν Μητρόπολιν ζητοῦντες τὴν ἐπανόρθωσιν.

ΦΟΝΟΣ ΕΙΣ ΤΑ ΦΑΡΣΑΛΑ
(Ἰδιαίτερον τηλεγρ. τοῦ «Ἐμπρός»)

ΒΟΛΟΣ 5 Ὀκτωβρίου. — Ἐξωθεν τοῦ χωρίου Δεργιάνη τῶν Φαρσάλων ὁ ἀγρονόμος Ἀριστείδης Κοσμάς ἐφονεύθη ὑπὸ ἀγνώστων ἐπιτιθεμένων· ἡ ἀστυνομία ἐξαπέστειλεν ἀποσπάσματα πρὸς καταδίωξιν τῶν δραστῶν.

ΤΟ ΣΚΑΝΔΑΛΟΝ ΤΩΝ ΕΞΕΤΑΣΕΩΝ ΤΩΝ ΔΟΚΙΜΩΝ
ΤΟ ΕΝΘΕΝ ΒΟΥΛΕΥΜΑ

Τὸ βούλευμα τῶν Πλημμελειοδικῶν τὸ ἐκδοθὲν ἐπὶ τῆς ὑποθέσεως τῆς διαρροῆς τῶν θεμάτων κατὰ τὰς τελευταίας ἐξετάσεις εἰς τὴν σχολὴν τῶν Δοκίμων ἔχει ὡς ἑξῆς τὸ παραπεμπτικὸν αὐτοῦ:

Ἐπειδή

Οἱ ἄνδρες Σταθακόπουλος, Βενετία χήρα Ἀγγ. Διαμαντοπούλου, Γαβριὴλ Ἰωαννίτης καὶ Γ. Κλαυδιανὸς κατηγοροῦνται ὅτι συνεργάσθησαν ὅπως ἐκ μέρους τοῦ ἐπιτρόπου διαφυγόντος ἀπὸ τὴν ἐπιτήρησιν τῆς ἐπιτροπῆς ληφθῶσι τὰ θέματα τῶν ἐξετάσεων καὶ δοθῶσιν εἰς τινας τῶν ὑποψηφίων ἐπὶ ἀμοιβῇ δρ. 500.

Ὅτι ὁ μὲν Σταθακόπουλος, ὑπάλληλος τῆς Σχολῆς, ἀφήρεσε καὶ παρέδωσε τὰ θέματα, ὁ δὲ Κλαυδιανὸς ἐμεσολάβησεν, ἡ δὲ Διαμαντοπούλου ἐδέχθη τὰ χρήματα ἐν τῇ οἰκίᾳ της.

Ὅπως ἐκτεθῇ

ἐνώπιον τοῦ κακουργιοδικείου τῶν ἐν Ἀθήναις πρωτοδικῶν Πλημμελειοδικείου.

Ἀπαλλάσσει

πάσης κατηγορίας τὸν Γ. Κλαυδιανὸν καὶ ἀπορρίπτει τὴν κατὰ τοῦ κ. Ι. Μεσολογγῖ αἴτησιν ἐγκλήσεως καὶ συγκαταδίωξιν.

Ἀνακοπὴ

Τὸ ἀνωτέρω βούλευμα θὰ καθυστερήσει κατὰ τὴν διαδικασίαν, καθότι ὁ κ. Βυζαντινὸς θὰ ἀνακόψει, καθόσον στηρίζεται ἐπὶ ἐλαφρῶν μόνον ἐνδείξεων.

Ὁ κ. Σταθακόπουλος θὰ ὑποβάλλῃ μετὰ τὴν ἀνακοπὴν καὶ ὑπόμνημα διὰ τοῦ ὁποίου θὰ ἀποδείξῃ ὅτι δὲν ἠδύνατο νὰ λάβῃ γνῶσιν τῶν θεμάτων.

ΟΙ ΓΑΜΟΙ
ΤΟΥ ΠΡΙΓΚΗΠΟΣ ΑΝΔΡΕΟΥ

Κατὰ ἐγκύκλιον πληροφορίας ἐκ Δαρμστάδης, εἰς τοὺς γάμους τοῦ πρίγκηπος Ἀνδρέου θὰ παρευρεθῶσιν οἱ ἑξῆς βασιλικοὶ καὶ ἡγεμονικοὶ:

Ἡ Αὐτοκράτειρα τῆς Ρωσσίας μετὰ τῶν τεσσάρων θυγατέρων αὐτῆς. Ὁ Αὐτοκράτωρ τῆς Γερμανίας μετὰ τῆς Αὐτοκρατείρης. Ὁ Βασιλεὺς τῶν Ἑλλήνων καὶ ἡ Βασίλισσα Ὄλγα.

Ὁ πρίγκηψ Βίκτωρ τοῦ Ἐρβάχ Σένβεργ μετὰ τῆς πριγκηπίσσης Ἐλισάβετ Ἐρβάχ Σένβεργ. Ὁ διάδοχος τῶν Ἐρβάχ-Σένβεργ μετὰ τῆς πριγκηπίσσης Ἰωσηφίνας.

Ὁ πρίγκηψ Ἀλέξανδρος τοῦ Ἑλλοφενστάιν, ὁ μεγάλος δούξ τῆς Ἔσσης μετὰ τῆς μεγάλης δουκίσσης Ἐλεονώρας καὶ τῶν τέκνων αὐτῶν.

Ὁ πρίγκηψ Φρειδερῖκος Κάρολος τῆς Ἔσσης μετὰ τῆς πριγκηπίσσης Μαργαρίτας τοῦ Ἐρβάχ. Ὁ πρίγκηψ Νικόλαος τῆς Ἑλλάδος.

Ὁ Μ. δοὺξ Σέργιος τῆς Ρωσσίας μετὰ τῆς μεγάλης δουκίσσης Ἐλισάβετ. Ὁ Διάδοχος τῆς Ἑλλάδος μετὰ τῆς Διαδόχου Σοφίας.

Ὁ πρίγκηψ Γεώργιος τῆς Ἑλλάδος, ἡ Βασίλισσα Ἀλεξάνδρα τῆς Ἀγγλίας καὶ ἡ πριγκήπισσα Βικτωρία.

Ὁ πρίγκηψ Λουδοβῖκος τοῦ Βάττεμβεργ μετὰ τῆς πριγκηπίσσης Βικτωρίας καὶ τῶν τέκνων αὐτῶν. Μεθ' ὃ ἐπακολουθήσει ἡ θρησκευτικὴ τελετή, μετὰ τὸ πέρας τῆς ὁποίας θὰ ἐπακολουθήσῃ γεῦμα.
